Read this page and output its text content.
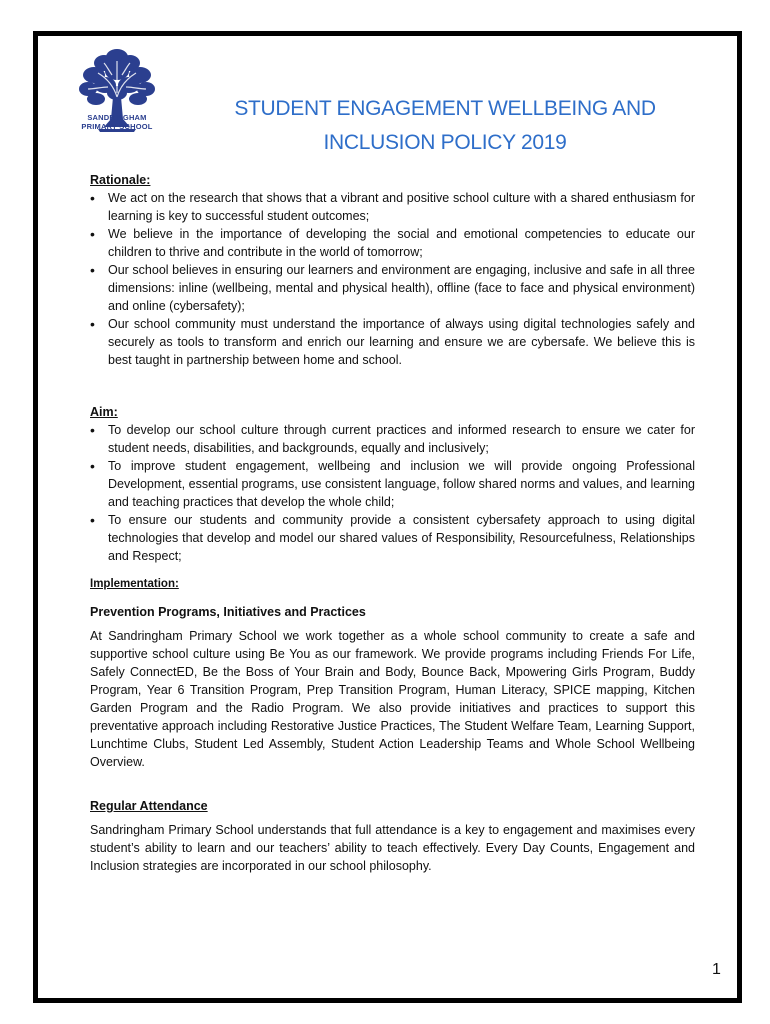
SANDRINGHAM
PRIMARY SCHOOL
STUDENT ENGAGEMENT WELLBEING AND
INCLUSION POLICY 2019

Rationale:

• We act on the research that shows that a vibrant and positive school culture with a shared enthusiasm for learning is key to successful student outcomes;
• We believe in the importance of developing the social and emotional competencies to educate our children to thrive and contribute in the world of tomorrow;
• Our school believes in ensuring our learners and environment are engaging, inclusive and safe in all three dimensions: inline (wellbeing, mental and physical health), offline (face to face and physical environment) and online (cybersafety);
• Our school community must understand the importance of always using digital technologies safely and securely as tools to transform and enrich our learning and ensure we are cybersafe. We believe this is best taught in partnership between home and school.

Aim:

• To develop our school culture through current practices and informed research to ensure we cater for student needs, disabilities, and backgrounds, equally and inclusively;
• To improve student engagement, wellbeing and inclusion we will provide ongoing Professional Development, essential programs, use consistent language, follow shared norms and values, and learning and teaching practices that develop the whole child;
• To ensure our students and community provide a consistent cybersafety approach to using digital technologies that develop and model our shared values of Responsibility, Resourcefulness, Relationships and Respect;

Implementation:

Prevention Programs, Initiatives and Practices

At Sandringham Primary School we work together as a whole school community to create a safe and supportive school culture using Be You as our framework. We provide programs including Friends For Life, Safely ConnectED, Be the Boss of Your Brain and Body, Bounce Back, Mpowering Girls Program, Buddy Program, Year 6 Transition Program, Prep Transition Program, Human Literacy, SPICE mapping, Kitchen Garden Program and the Radio Program. We also provide initiatives and practices to support this preventative approach including Restorative Justice Practices, The Student Welfare Team, Learning Support, Lunchtime Clubs, Student Led Assembly, Student Action Leadership Teams and Whole School Wellbeing Overview.

Regular Attendance

Sandringham Primary School understands that full attendance is a key to engagement and maximises every student’s ability to learn and our teachers’ ability to teach effectively. Every Day Counts, Engagement and Inclusion strategies are incorporated in our school philosophy.

1
